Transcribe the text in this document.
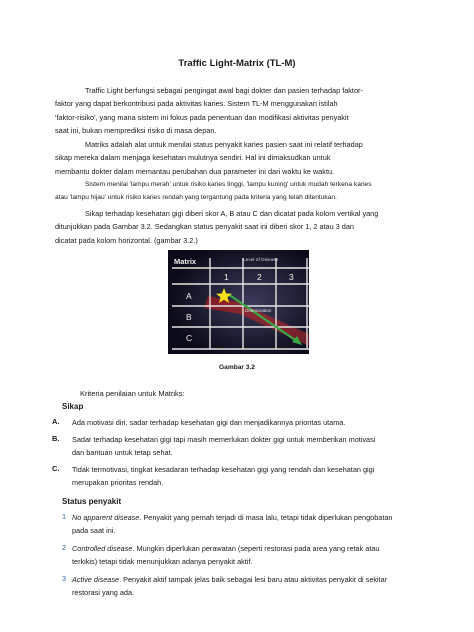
Traffic Light-Matrix (TL-M)

Traffic Light berfungsi sebagai pengingat awal bagi dokter dan pasien terhadap faktor-
faktor yang dapat berkontribusi pada aktivitas karies. Sistem TL-M menggunakan istilah
'faktor-risiko', yang mana sistem ini fokus pada penentuan dan modifikasi aktivitas penyakit
saat ini, bukan memprediksi risiko di masa depan.

Matriks adalah alat untuk menilai status penyakit karies pasien saat ini relatif terhadap
sikap mereka dalam menjaga kesehatan mulutnya sendiri. Hal ini dimaksudkan untuk
membantu dokter dalam memantau perubahan dua parameter ini dari waktu ke waktu.

Sistem menilai 'lampu merah' untuk risiko karies tinggi, 'lampu kuning' untuk mudah terkena karies
atau 'lampu hijau' untuk risiko karies rendah yang tergantung pada kriteria yang telah ditentukan.

Sikap terhadap kesehatan gigi diberi skor A, B atau C dan dicatat pada kolom vertikal yang
ditunjukkan pada Gambar 3.2. Sedangkan status penyakit saat ini diberi skor 1, 2 atau 3 dan
dicatat pada kolom horizontal. (gambar 3.2.)

Matrix	Level of Disease
1	2	3
A
B
C
Deterioration
Gambar 3.2
Kriteria penilaian untuk Matriks:
Sikap
A. Ada motivasi diri, sadar terhadap kesehatan gigi dan menjadikannya prioritas utama.
B. Sadar terhadap kesehatan gigi tapi masih memerlukan dokter gigi untuk memberikan motivasi
dan bantuan untuk tetap sehat.
C. Tidak termotivasi, tingkat kesadaran terhadap kesehatan gigi yang rendah dan kesehatan gigi
merupakan prioritas rendah.
Status penyakit
1 No apparent disease. Penyakit yang pernah terjadi di masa lalu, tetapi tidak diperlukan pengobatan
pada saat ini.
2 Controlled disease. Mungkin diperlukan perawatan (seperti restorasi pada area yang retak atau
terkikis) tetapi tidak menunjukkan adanya penyakit aktif.
3 Active disease. Penyakit aktif tampak jelas baik sebagai lesi baru atau aktivitas penyakit di sekitar
restorasi yang ada.
